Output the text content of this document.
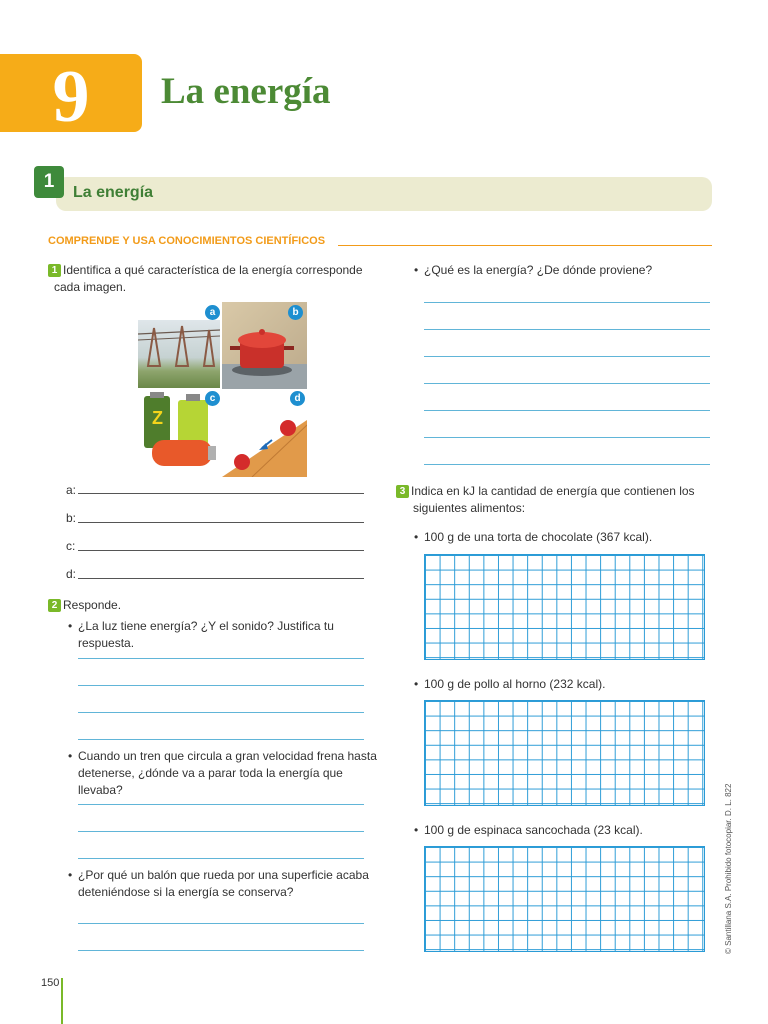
9	La energía
1
La energía
COMPRENDE Y USA CONOCIMIENTOS CIENTÍFICOS
1 Identifica a qué característica de la energía corresponde
cada imagen.
Z
a	b
c	d
a:
b:
c:
d:
2 Responde.
• ¿La luz tiene energía? ¿Y el sonido? Justifica tu respuesta.
• Cuando un tren que circula a gran velocidad frena hasta
detenerse, ¿dónde va a parar toda la energía que llevaba?
• ¿Por qué un balón que rueda por una superficie acaba
deteniéndose si la energía se conserva?
• ¿Qué es la energía? ¿De dónde proviene?
3 Indica en kJ la cantidad de energía que contienen los
siguientes alimentos:
• 100 g de una torta de chocolate (367 kcal).
• 100 g de pollo al horno (232 kcal).
• 100 g de espinaca sancochada (23 kcal).	© Santillana S.A. Prohibido fotocopiar. D. L. 822
150
